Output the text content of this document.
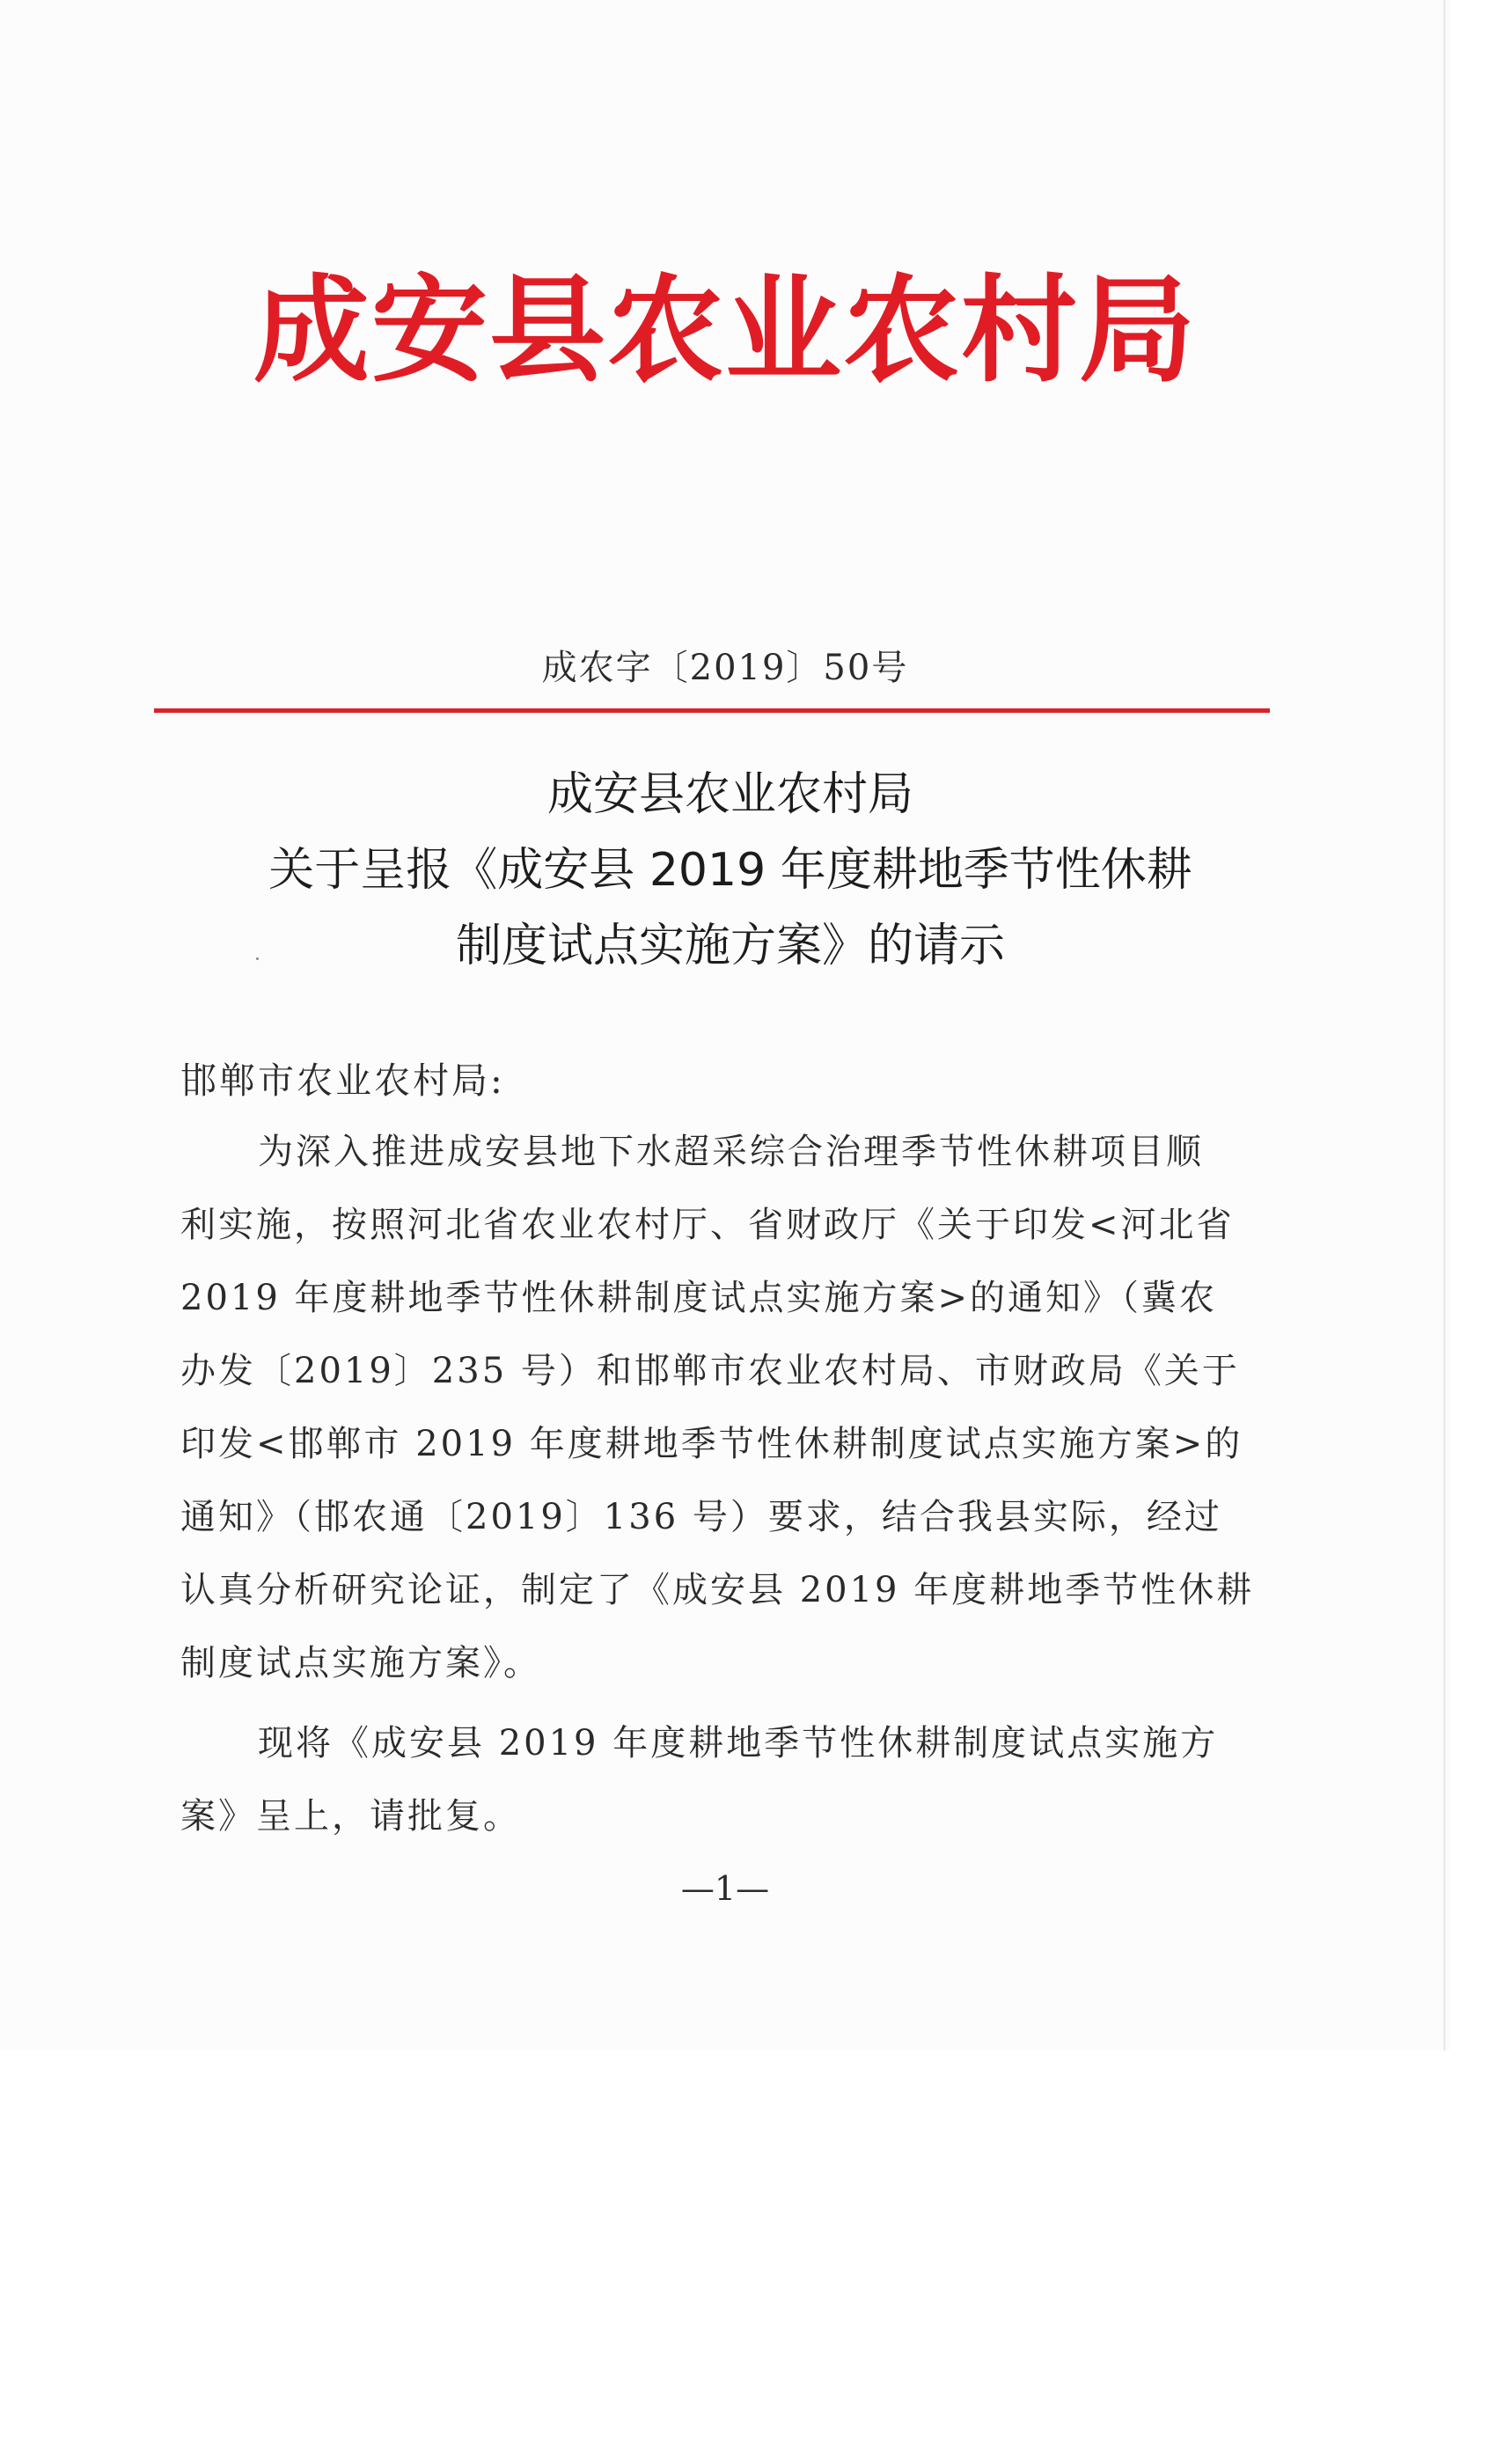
成安县农业农村局
成农字〔2019〕50号
成安县农业农村局
关于呈报《成安县 2019 年度耕地季节性休耕
制度试点实施方案》的请示
邯郸市农业农村局:
为深入推进成安县地下水超采综合治理季节性休耕项目顺
利实施，按照河北省农业农村厅、省财政厅《关于印发<河北省
2019 年度耕地季节性休耕制度试点实施方案>的通知》（冀农
办发〔2019〕235 号）和邯郸市农业农村局、市财政局《关于
印发<邯郸市 2019 年度耕地季节性休耕制度试点实施方案>的
通知》（邯农通〔2019〕136 号）要求，结合我县实际，经过
认真分析研究论证，制定了《成安县 2019 年度耕地季节性休耕
制度试点实施方案》。
现将《成安县 2019 年度耕地季节性休耕制度试点实施方
案》呈上，请批复。
—1—
